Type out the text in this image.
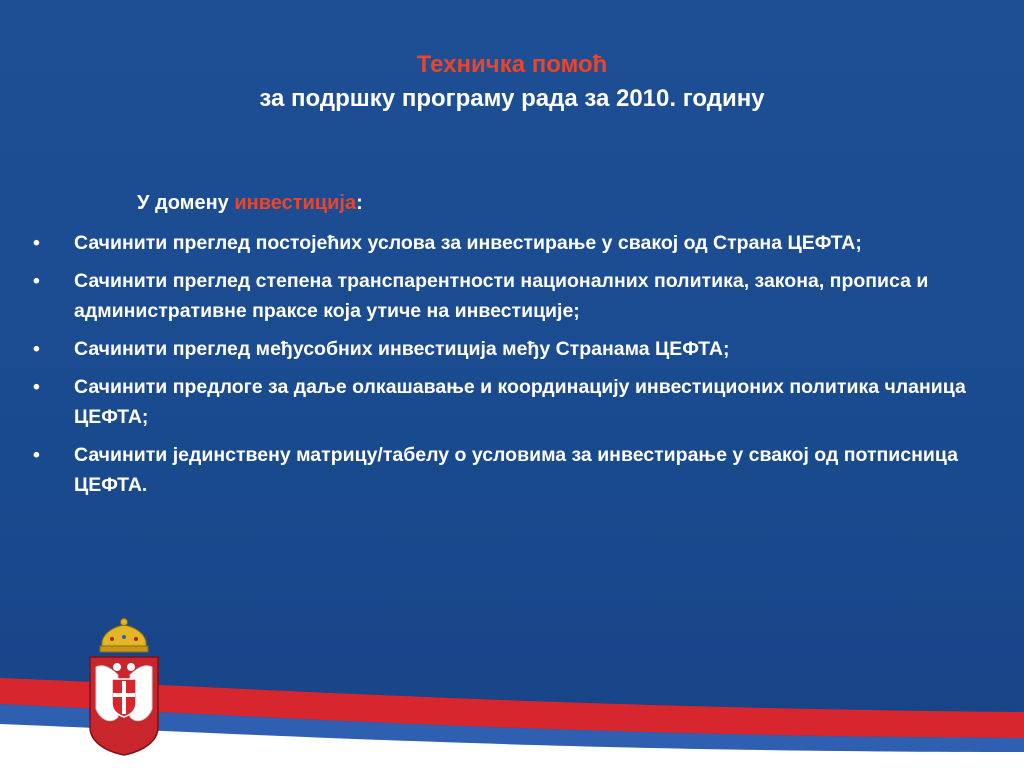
Техничка помоћ
за подршку програму рада за 2010. годину
У домену инвестиција:
• Сачинити преглед постојећих услова за инвестирање у свакој од Страна ЦЕФТА;
• Сачинити преглед степена транспарентности националних политика, закона, прописа и административне праксе која утиче на инвестиције;
• Сачинити преглед међусобних инвестиција међу Странама ЦЕФТА;
• Сачинити предлоге за даље олкашавање и координацију инвестиционих политика чланица ЦЕФТА;
• Сачинити јединствену матрицу/табелу о условима за инвестирање у свакој од потписница ЦЕФТА.
